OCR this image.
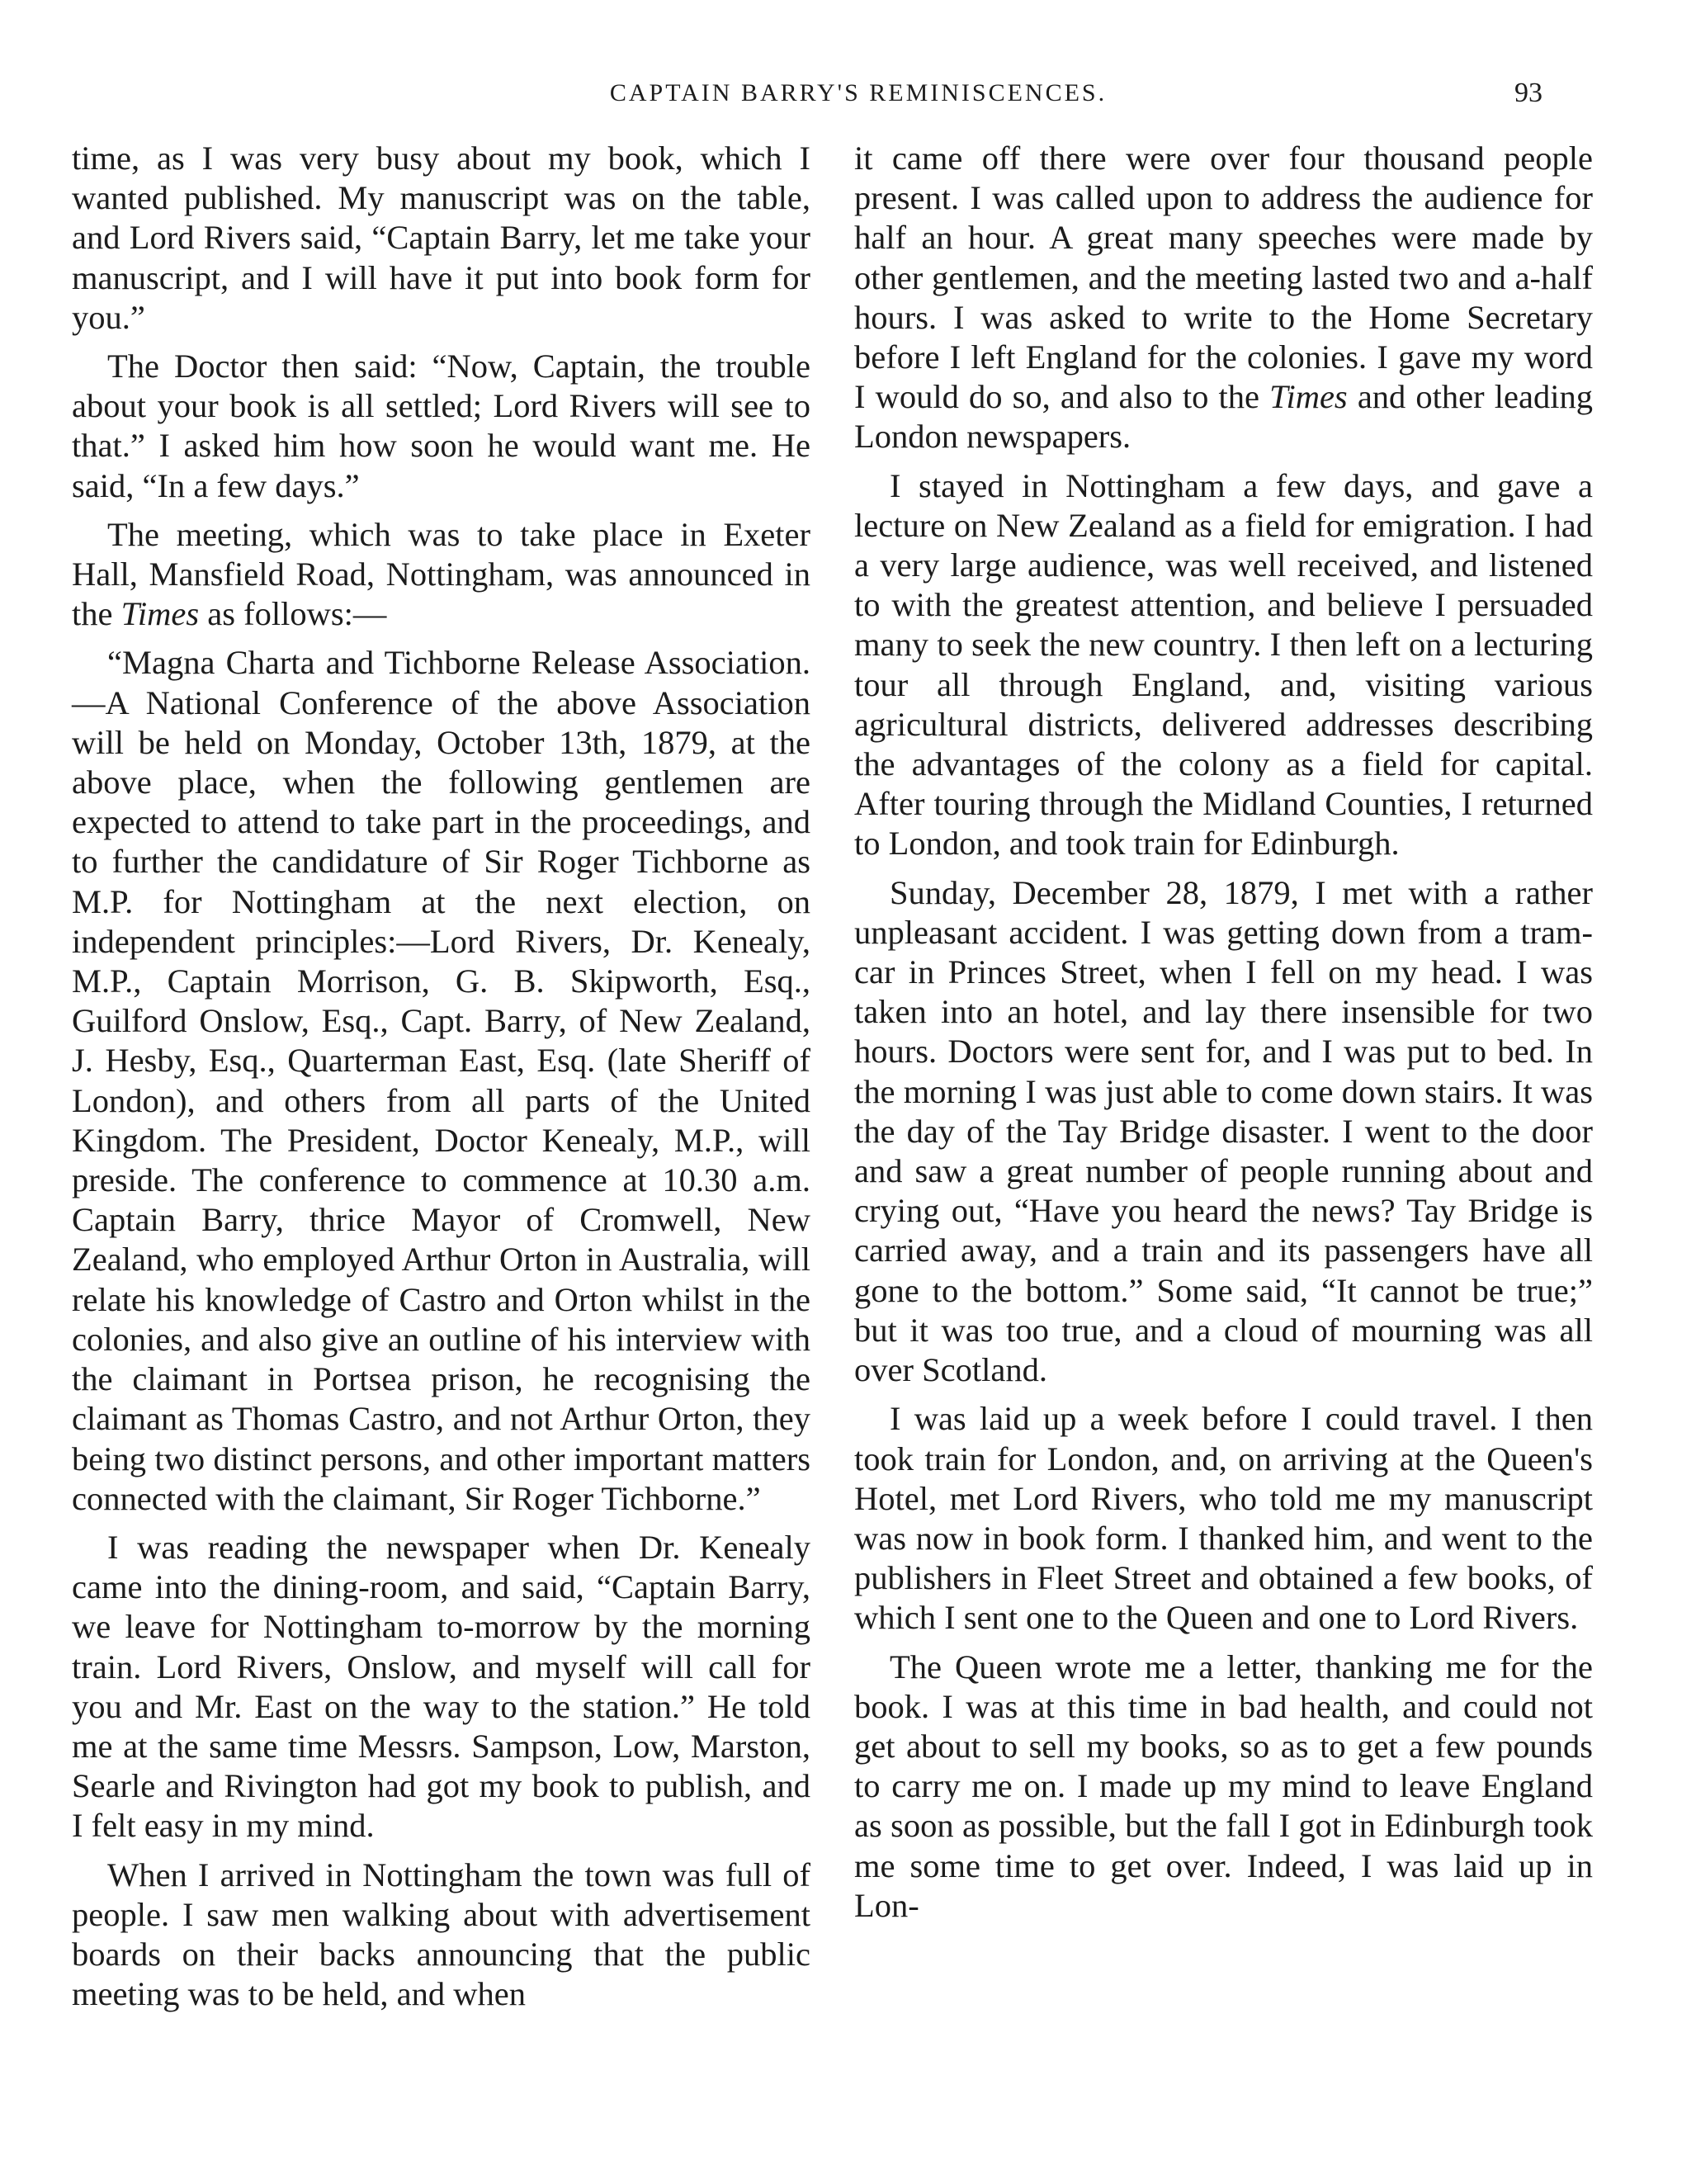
CAPTAIN BARRY'S REMINISCENCES.	93

time, as I was very busy about my book, which I wanted published. My manuscript was on the table, and Lord Rivers said, “Captain Barry, let me take your manuscript, and I will have it put into book form for you.”

The Doctor then said: “Now, Captain, the trouble about your book is all settled; Lord Rivers will see to that.” I asked him how soon he would want me. He said, “In a few days.”

The meeting, which was to take place in Exeter Hall, Mansfield Road, Nottingham, was announced in the Times as follows:—

“Magna Charta and Tichborne Release Association.—A National Conference of the above Association will be held on Monday, October 13th, 1879, at the above place, when the following gentlemen are expected to attend to take part in the proceedings, and to further the candidature of Sir Roger Tichborne as M.P. for Nottingham at the next election, on independent principles:—Lord Rivers, Dr. Kenealy, M.P., Captain Morrison, G. B. Skipworth, Esq., Guilford Onslow, Esq., Capt. Barry, of New Zealand, J. Hesby, Esq., Quarterman East, Esq. (late Sheriff of London), and others from all parts of the United Kingdom. The President, Doctor Kenealy, M.P., will preside. The conference to commence at 10.30 a.m. Captain Barry, thrice Mayor of Cromwell, New Zealand, who employed Arthur Orton in Australia, will relate his knowledge of Castro and Orton whilst in the colonies, and also give an outline of his interview with the claimant in Portsea prison, he recognising the claimant as Thomas Castro, and not Arthur Orton, they being two distinct persons, and other important matters connected with the claimant, Sir Roger Tichborne.”

I was reading the newspaper when Dr. Kenealy came into the dining-room, and said, “Captain Barry, we leave for Nottingham to-morrow by the morning train. Lord Rivers, Onslow, and myself will call for you and Mr. East on the way to the station.” He told me at the same time Messrs. Sampson, Low, Marston, Searle and Rivington had got my book to publish, and I felt easy in my mind.

When I arrived in Nottingham the town was full of people. I saw men walking about with advertisement boards on their backs announcing that the public meeting was to be held, and when

it came off there were over four thousand people present. I was called upon to address the audience for half an hour. A great many speeches were made by other gentlemen, and the meeting lasted two and a-half hours. I was asked to write to the Home Secretary before I left England for the colonies. I gave my word I would do so, and also to the Times and other leading London newspapers.

I stayed in Nottingham a few days, and gave a lecture on New Zealand as a field for emigration. I had a very large audience, was well received, and listened to with the greatest attention, and believe I persuaded many to seek the new country. I then left on a lecturing tour all through England, and, visiting various agricultural districts, delivered addresses describing the advantages of the colony as a field for capital. After touring through the Midland Counties, I returned to London, and took train for Edinburgh.

Sunday, December 28, 1879, I met with a rather unpleasant accident. I was getting down from a tram-car in Princes Street, when I fell on my head. I was taken into an hotel, and lay there insensible for two hours. Doctors were sent for, and I was put to bed. In the morning I was just able to come down stairs. It was the day of the Tay Bridge disaster. I went to the door and saw a great number of people running about and crying out, “Have you heard the news? Tay Bridge is carried away, and a train and its passengers have all gone to the bottom.” Some said, “It cannot be true;” but it was too true, and a cloud of mourning was all over Scotland.

I was laid up a week before I could travel. I then took train for London, and, on arriving at the Queen's Hotel, met Lord Rivers, who told me my manuscript was now in book form. I thanked him, and went to the publishers in Fleet Street and obtained a few books, of which I sent one to the Queen and one to Lord Rivers.

The Queen wrote me a letter, thanking me for the book. I was at this time in bad health, and could not get about to sell my books, so as to get a few pounds to carry me on. I made up my mind to leave England as soon as possible, but the fall I got in Edinburgh took me some time to get over. Indeed, I was laid up in Lon-
